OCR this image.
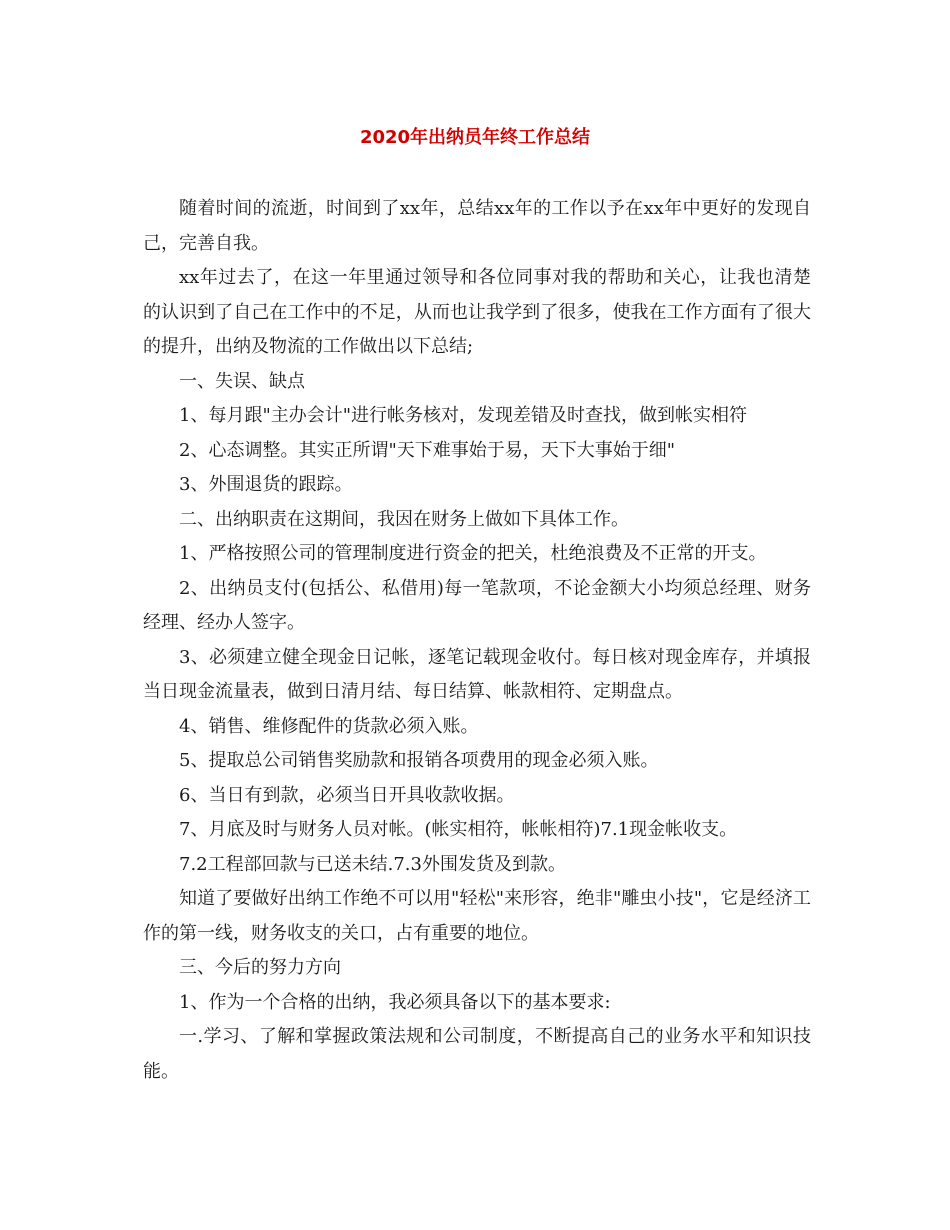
2020年出纳员年终工作总结

随着时间的流逝，时间到了xx年，总结xx年的工作以予在xx年中更好的发现自己，完善自我。

xx年过去了，在这一年里通过领导和各位同事对我的帮助和关心，让我也清楚的认识到了自己在工作中的不足，从而也让我学到了很多，使我在工作方面有了很大的提升，出纳及物流的工作做出以下总结;

一、失误、缺点

1、每月跟"主办会计"进行帐务核对，发现差错及时查找，做到帐实相符

2、心态调整。其实正所谓"天下难事始于易，天下大事始于细"

3、外围退货的跟踪。

二、出纳职责在这期间，我因在财务上做如下具体工作。

1、严格按照公司的管理制度进行资金的把关，杜绝浪费及不正常的开支。

2、出纳员支付(包括公、私借用)每一笔款项，不论金额大小均须总经理、财务经理、经办人签字。

3、必须建立健全现金日记帐，逐笔记载现金收付。每日核对现金库存，并填报当日现金流量表，做到日清月结、每日结算、帐款相符、定期盘点。

4、销售、维修配件的货款必须入账。

5、提取总公司销售奖励款和报销各项费用的现金必须入账。

6、当日有到款，必须当日开具收款收据。

7、月底及时与财务人员对帐。(帐实相符，帐帐相符)7.1现金帐收支。

7.2工程部回款与已送未结.7.3外围发货及到款。

知道了要做好出纳工作绝不可以用"轻松"来形容，绝非"雕虫小技"，它是经济工作的第一线，财务收支的关口，占有重要的地位。

三、今后的努力方向

1、作为一个合格的出纳，我必须具备以下的基本要求:

一.学习、了解和掌握政策法规和公司制度，不断提高自己的业务水平和知识技能。
